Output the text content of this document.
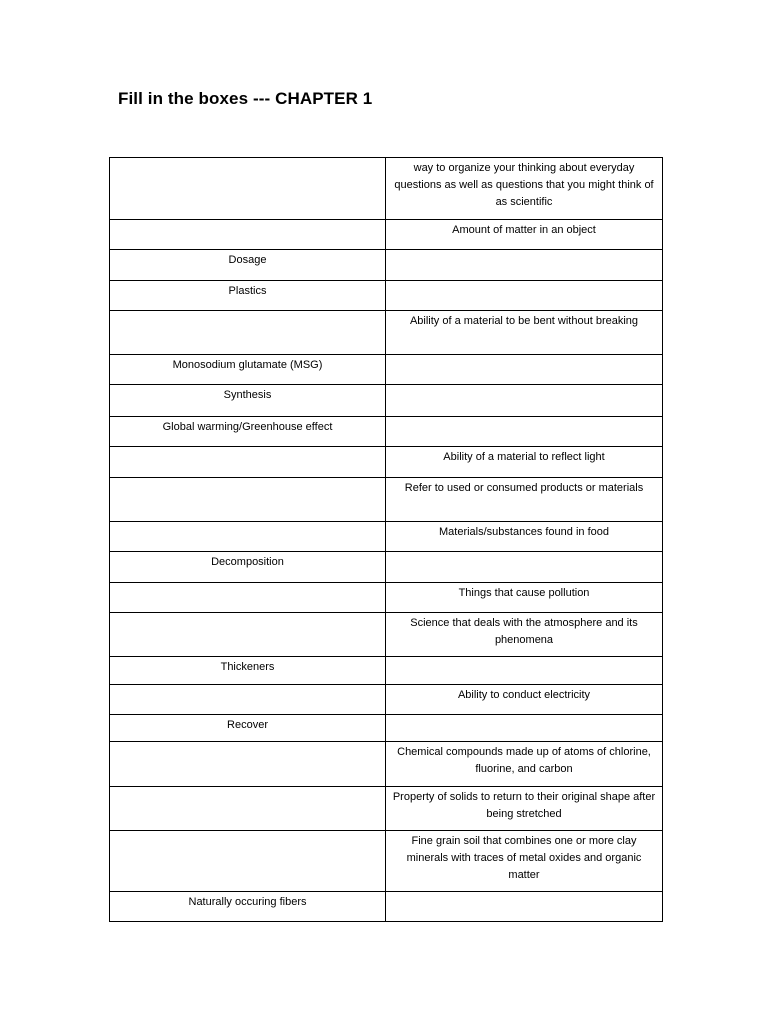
Fill in the boxes --- CHAPTER 1
	way to organize your thinking about everyday questions as well as questions that you might think of as scientific
	Amount of matter in an object
Dosage	
Plastics	
	Ability of a material to be bent without breaking
Monosodium glutamate (MSG)	
Synthesis	
Global warming/Greenhouse effect	
	Ability of a material to reflect light
	Refer to used or consumed products or materials
	Materials/substances found in food
Decomposition	
	Things that cause pollution
	Science that deals with the atmosphere and its phenomena
Thickeners	
	Ability to conduct electricity
Recover	
	Chemical compounds made up of atoms of chlorine, fluorine, and carbon
	Property of solids to return to their original shape after being stretched
	Fine grain soil that combines one or more clay minerals with traces of metal oxides and organic matter
Naturally occuring fibers	
